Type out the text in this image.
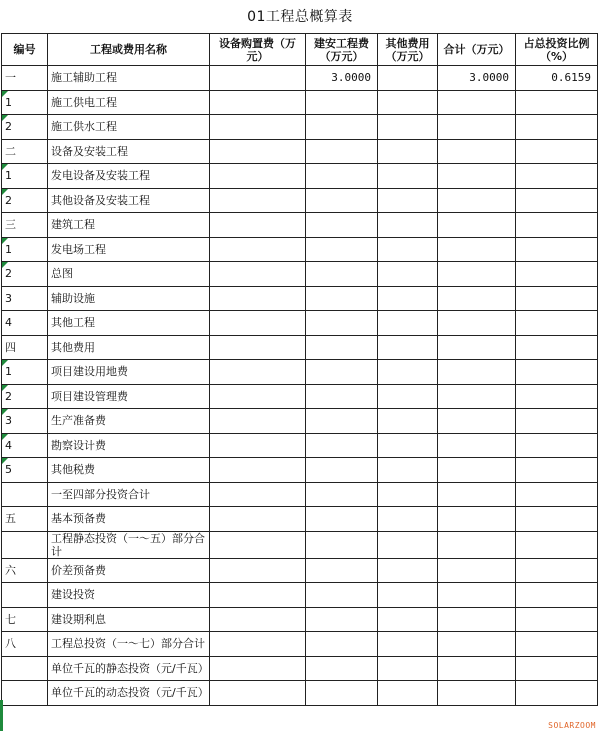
01工程总概算表
编号	工程或费用名称	设备购置费（万元）	建安工程费（万元）	其他费用（万元）	合计（万元）	占总投资比例（%）
一	施工辅助工程		3.0000		3.0000	0.6159
1	施工供电工程					
2	施工供水工程					
二	设备及安装工程					
1	发电设备及安装工程					
2	其他设备及安装工程					
三	建筑工程					
1	发电场工程					
2	总图					
3	辅助设施					
4	其他工程					
四	其他费用					
1	项目建设用地费					
2	项目建设管理费					
3	生产准备费					
4	勘察设计费					
5	其他税费					
	一至四部分投资合计					
五	基本预备费					
	工程静态投资（一～五）部分合计					
六	价差预备费					
	建设投资					
七	建设期利息					
八	工程总投资（一～七）部分合计					
	单位千瓦的静态投资（元/千瓦）					
	单位千瓦的动态投资（元/千瓦）					
SOLARZOOM
